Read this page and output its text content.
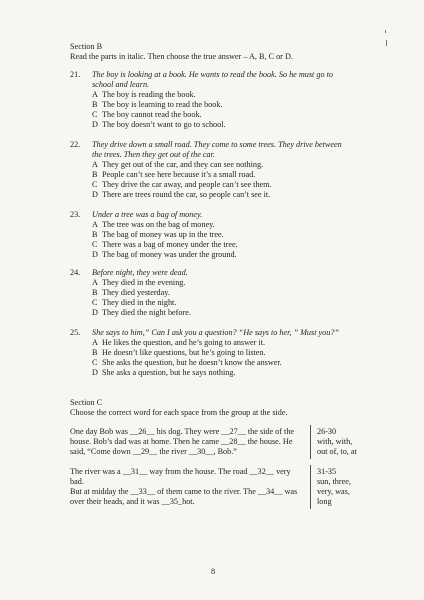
Section B
Read the parts in italic. Then choose the true answer – A, B, C or D.
21. The boy is looking at a book. He wants to read the book. So he must go to
school and learn.
A The boy is reading the book.
B The boy is learning to read the book.
C The boy cannot read the book.
D The boy doesn’t want to go to school.
22. They drive down a small road. They come to some trees. They drive between
the trees. Then they get out of the car.
A They get out of the car, and they can see nothing.
B People can’t see here because it’s a small road.
C They drive the car away, and people can’t see them.
D There are trees round the car, so people can’t see it.
23. Under a tree was a bag of money.
A The tree was on the bag of money.
B The bag of money was up in the tree.
C There was a bag of money under the tree.
D The bag of money was under the ground.
24. Before night, they were dead.
A They died in the evening.
B They died yesterday.
C They died in the night.
D They died the night before.
25. She says to him,” Can I ask you a question? “He says to her, ” Must you?”
A He likes the question, and he’s going to answer it.
B He doesn’t like questions, but he’s going to listen.
C She asks the question, but he doesn’t know the answer.
D She asks a question, but he says nothing.
Section C
Choose the correct word for each space from the group at the side.
One day Bob was __26__ his dog. They were __27__ the side of the
house. Bob’s dad was at home. Then he came __28__ the house. He
said, “Come down __29__ the river __30__, Bob.”
26-30
with, with,
out of, to, at
The river was a __31__ way from the house. The road __32__ very
bad.
But at midday the __33__ of them came to the river. The __34__ was
over their heads, and it was __35_hot.
31-35
sun, three,
very, was,
long
8
